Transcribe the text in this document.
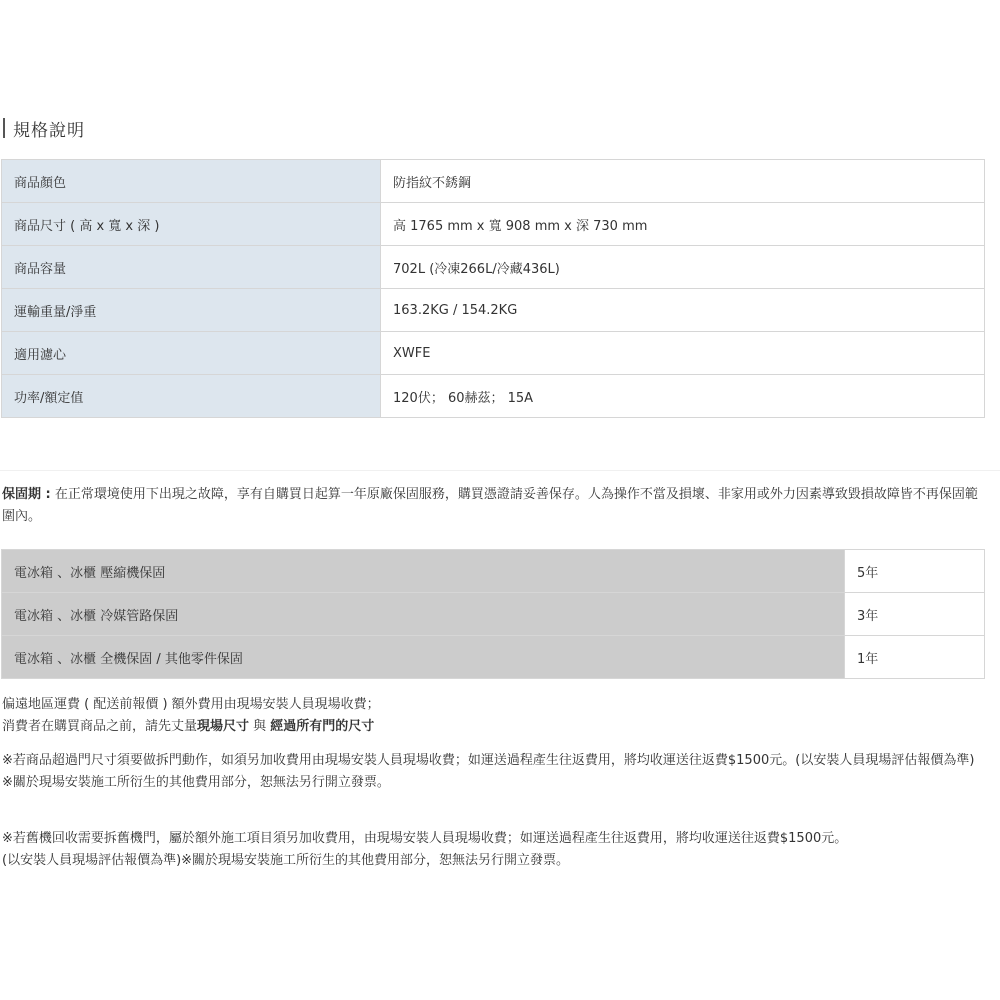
規格說明
商品顏色	防指紋不銹鋼
商品尺寸 ( 高 x 寬 x 深 )	高 1765 mm x 寬 908 mm x 深 730 mm
商品容量	702L (冷凍266L/冷藏436L)
運輸重量/淨重	163.2KG / 154.2KG
適用濾心	XWFE
功率/額定值	120伏； 60赫茲； 15A
保固期 : 在正常環境使用下出現之故障，享有自購買日起算一年原廠保固服務，購買憑證請妥善保存。人為操作不當及損壞、非家用或外力因素導致毀損故障皆不再保固範圍內。
電冰箱 、冰櫃 壓縮機保固	5年
電冰箱 、冰櫃 冷媒管路保固	3年
電冰箱 、冰櫃 全機保固 / 其他零件保固	1年
偏遠地區運費 ( 配送前報價 ) 額外費用由現場安裝人員現場收費；
消費者在購買商品之前，請先丈量現場尺寸 與 經過所有門的尺寸
※若商品超過門尺寸須要做拆門動作，如須另加收費用由現場安裝人員現場收費；如運送過程產生往返費用，將均收運送往返費$1500元。(以安裝人員現場評估報價為準)
※關於現場安裝施工所衍生的其他費用部分，恕無法另行開立發票。
※若舊機回收需要拆舊機門，屬於額外施工項目須另加收費用，由現場安裝人員現場收費；如運送過程產生往返費用，將均收運送往返費$1500元。
(以安裝人員現場評估報價為準)※關於現場安裝施工所衍生的其他費用部分，恕無法另行開立發票。
